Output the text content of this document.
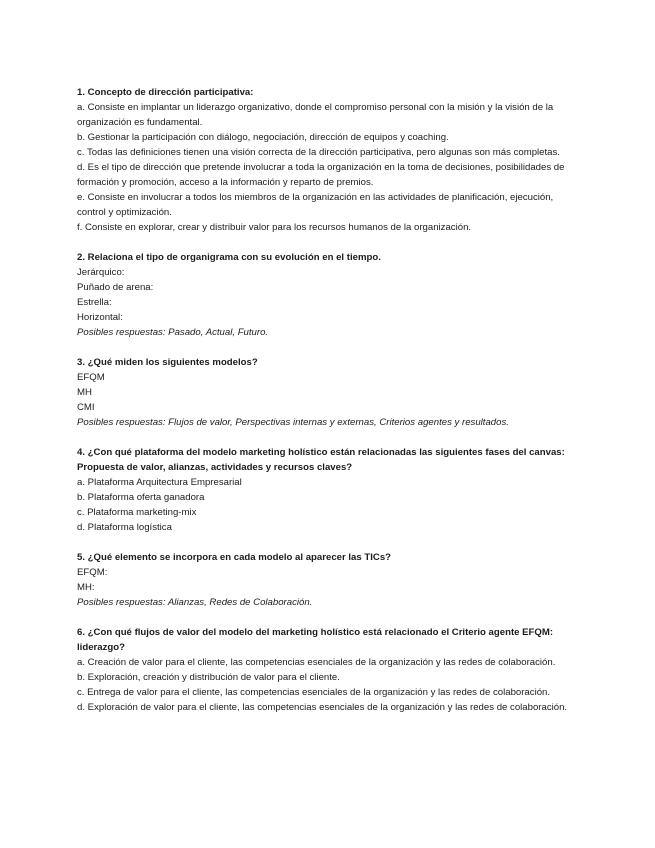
1. Concepto de dirección participativa:
a. Consiste en implantar un liderazgo organizativo, donde el compromiso personal con la misión y la visión de la organización es fundamental.
b. Gestionar la participación con diálogo, negociación, dirección de equipos y coaching.
c. Todas las definiciones tienen una visión correcta de la dirección participativa, pero algunas son más completas.
d. Es el tipo de dirección que pretende involucrar a toda la organización en la toma de decisiones, posibilidades de formación y promoción, acceso a la información y reparto de premios.
e. Consiste en involucrar a todos los miembros de la organización en las actividades de planificación, ejecución, control y optimización.
f. Consiste en explorar, crear y distribuir valor para los recursos humanos de la organización.
2. Relaciona el tipo de organigrama con su evolución en el tiempo.
Jerárquico:
Puñado de arena:
Estrella:
Horizontal:
Posibles respuestas: Pasado, Actual, Futuro.
3. ¿Qué miden los siguientes modelos?
EFQM
MH
CMI
Posibles respuestas: Flujos de valor, Perspectivas internas y externas, Criterios agentes y resultados.
4. ¿Con qué plataforma del modelo marketing holístico están relacionadas las siguientes fases del canvas: Propuesta de valor, alianzas, actividades y recursos claves?
a. Plataforma Arquitectura Empresarial
b. Plataforma oferta ganadora
c. Plataforma marketing-mix
d. Plataforma logística
5. ¿Qué elemento se incorpora en cada modelo al aparecer las TICs?
EFQM:
MH:
Posibles respuestas: Alianzas, Redes de Colaboración.
6. ¿Con qué flujos de valor del modelo del marketing holístico está relacionado el Criterio agente EFQM: liderazgo?
a. Creación de valor para el cliente, las competencias esenciales de la organización y las redes de colaboración.
b. Exploración, creación y distribución de valor para el cliente.
c. Entrega de valor para el cliente, las competencias esenciales de la organización y las redes de colaboración.
d. Exploración de valor para el cliente, las competencias esenciales de la organización y las redes de colaboración.
